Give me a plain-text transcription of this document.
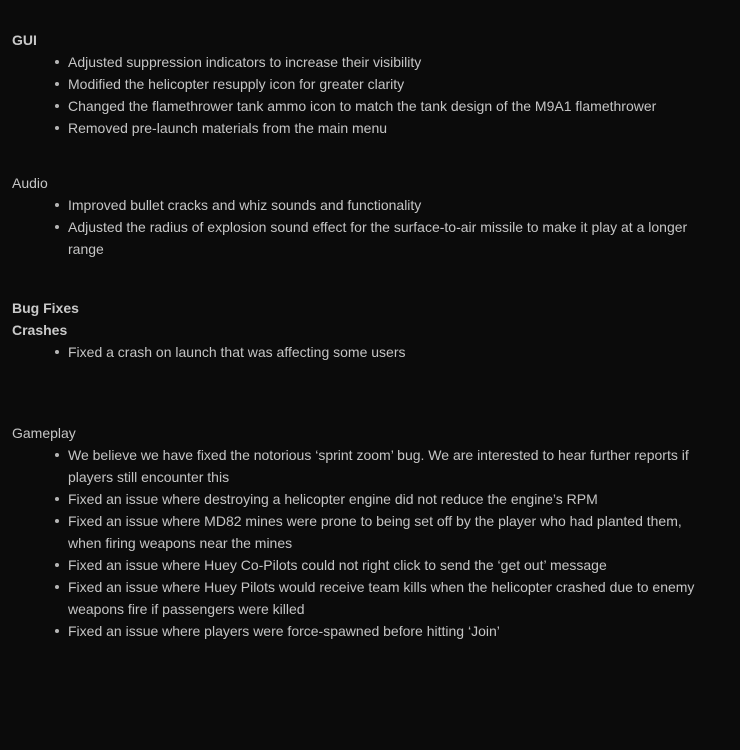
GUI
Adjusted suppression indicators to increase their visibility
Modified the helicopter resupply icon for greater clarity
Changed the flamethrower tank ammo icon to match the tank design of the M9A1 flamethrower
Removed pre-launch materials from the main menu
Audio
Improved bullet cracks and whiz sounds and functionality
Adjusted the radius of explosion sound effect for the surface-to-air missile to make it play at a longer range
Bug Fixes
Crashes
Fixed a crash on launch that was affecting some users
Gameplay
We believe we have fixed the notorious ‘sprint zoom’ bug. We are interested to hear further reports if players still encounter this
Fixed an issue where destroying a helicopter engine did not reduce the engine’s RPM
Fixed an issue where MD82 mines were prone to being set off by the player who had planted them, when firing weapons near the mines
Fixed an issue where Huey Co-Pilots could not right click to send the ‘get out’ message
Fixed an issue where Huey Pilots would receive team kills when the helicopter crashed due to enemy weapons fire if passengers were killed
Fixed an issue where players were force-spawned before hitting ‘Join’
